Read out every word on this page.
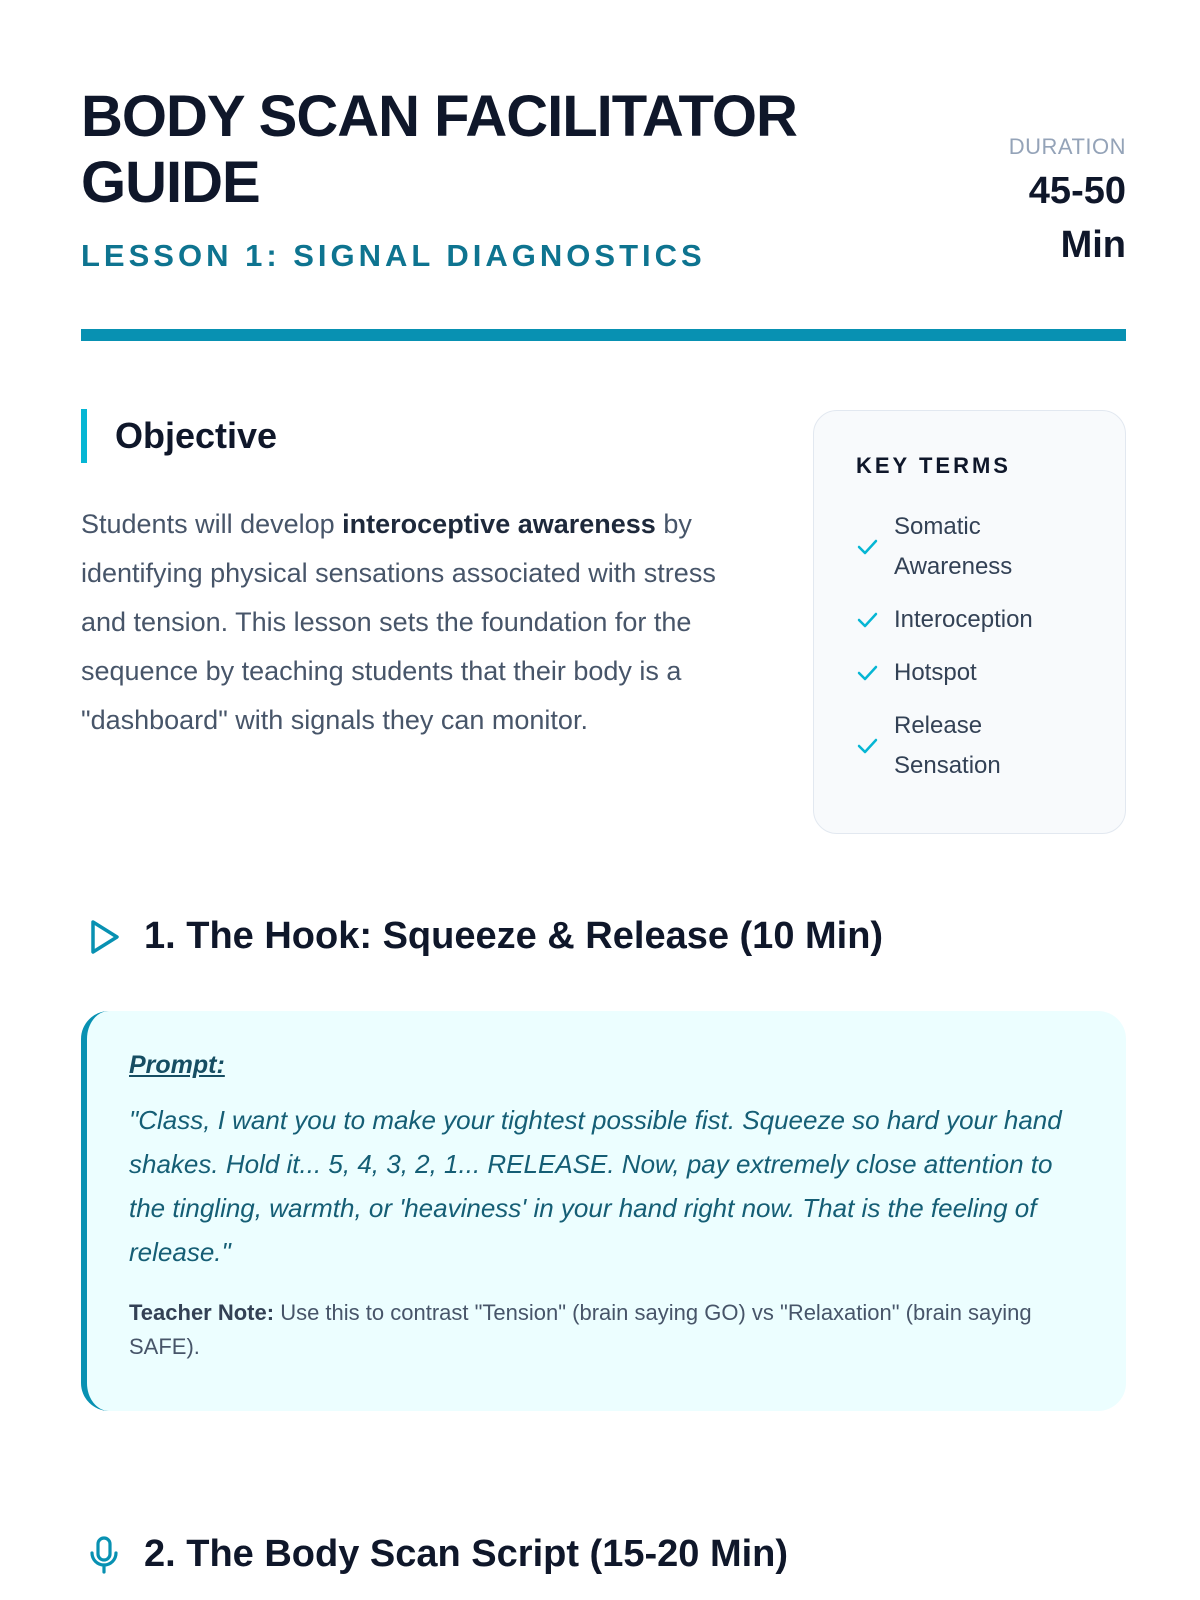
BODY SCAN FACILITATOR GUIDE
LESSON 1: SIGNAL DIAGNOSTICS
DURATION
45-50 Min
Objective

Students will develop interoceptive awareness by identifying physical sensations associated with stress and tension. This lesson sets the foundation for the sequence by teaching students that their body is a "dashboard" with signals they can monitor.

KEY TERMS
Somatic Awareness
Interoception
Hotspot
Release Sensation
1. The Hook: Squeeze & Release (10 Min)
Prompt:

"Class, I want you to make your tightest possible fist. Squeeze so hard your hand shakes. Hold it... 5, 4, 3, 2, 1... RELEASE. Now, pay extremely close attention to the tingling, warmth, or 'heaviness' in your hand right now. That is the feeling of release."

Teacher Note: Use this to contrast "Tension" (brain saying GO) vs "Relaxation" (brain saying SAFE).

2. The Body Scan Script (15-20 Min)
